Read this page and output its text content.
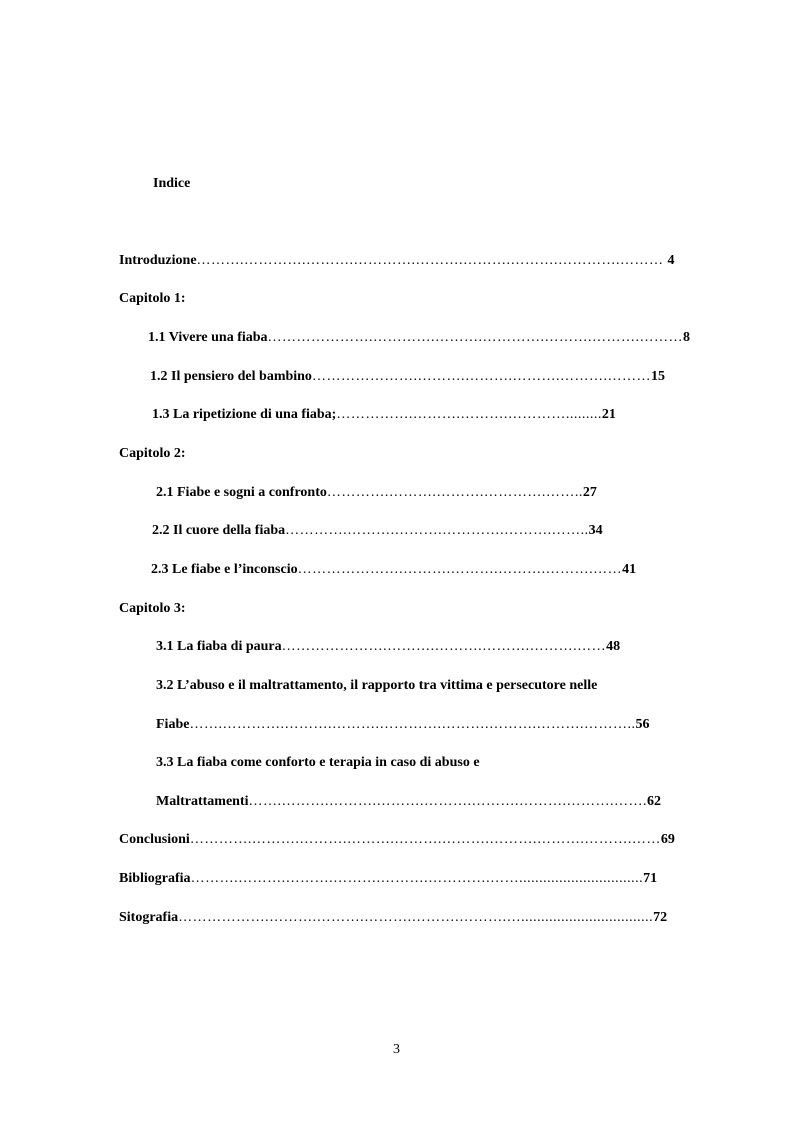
Indice
Introduzione……….………….……….………….……….……….……….………….……… 4
Capitolo 1:
1.1 Vivere una fiaba………………….………….……….………….……….……….………8
1.2 Il pensiero del bambino………………….……….……….……….……….………15
1.3 La ripetizione di una fiaba;…………….……….……….………….........21
Capitolo 2:
2.1 Fiabe e sogni a confronto………….……….……….………….……..27
2.2 Il cuore della fiaba………….……….……….………….……….……..34
2.3 Le fiabe e l’inconscio………………….……….……….……….……….……41
Capitolo 3:
3.1 La fiaba di paura………………….……….……….……….……….……48
3.2 L’abuso e il maltrattamento, il rapporto tra vittima e persecutore nelle
Fiabe…….………….……….……….………….……….……….……….………..56
3.3 La fiaba come conforto e terapia in caso di abuso e
Maltrattamenti…….……….……….……….……….……….……….……….…….62
Conclusioni………….……….……….……….……….……….……….……….……….……69
Bibliografia……….……….……….……….……….………….……...............................71
Sitografia……………….……….……….……….……….……….….................................72
3
